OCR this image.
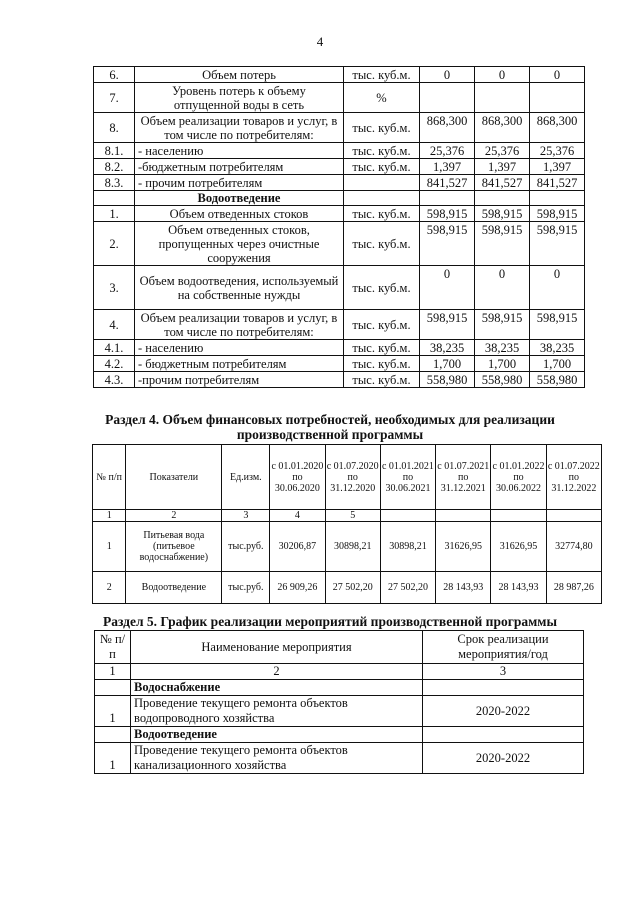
4
6.	Объем потерь	тыс. куб.м.	0	0	0
7.	Уровень потерь к объему отпущенной воды в сеть	%			
8.	Объем реализации товаров и услуг, в том числе по потребителям:	тыс. куб.м.	868,300	868,300	868,300
8.1.	- населению	тыс. куб.м.	25,376	25,376	25,376
8.2.	-бюджетным потребителям	тыс. куб.м.	1,397	1,397	1,397
8.3.	- прочим потребителям		841,527	841,527	841,527
	Водоотведение				
1.	Объем отведенных стоков	тыс. куб.м.	598,915	598,915	598,915
2.	Объем отведенных стоков, пропущенных через очистные сооружения	тыс. куб.м.	598,915	598,915	598,915
3.	Объем водоотведения, используемый на собственные нужды	тыс. куб.м.	0	0	0
4.	Объем реализации товаров и услуг, в том числе по потребителям:	тыс. куб.м.	598,915	598,915	598,915
4.1.	- населению	тыс. куб.м.	38,235	38,235	38,235
4.2.	- бюджетным потребителям	тыс. куб.м.	1,700	1,700	1,700
4.3.	-прочим потребителям	тыс. куб.м.	558,980	558,980	558,980
Раздел 4. Объем финансовых потребностей, необходимых для реализации
производственной программы
№ п/п	Показатели	Ед.изм.	с 01.01.2020 по 30.06.2020	с 01.07.2020 по 31.12.2020	с 01.01.2021 по 30.06.2021	с 01.07.2021 по 31.12.2021	с 01.01.2022 по 30.06.2022	с 01.07.2022 по 31.12.2022
1	2	3	4	5				
1	Питьевая вода (питьевое водоснабжение)	тыс.руб.	30206,87	30898,21	30898,21	31626,95	31626,95	32774,80
2	Водоотведение	тыс.руб.	26 909,26	27 502,20	27 502,20	28 143,93	28 143,93	28 987,26
Раздел 5. График реализации мероприятий производственной программы
№ п/п	Наименование мероприятия	Срок реализации мероприятия/год
1	2	3
	Водоснабжение	
1	Проведение текущего ремонта объектов водопроводного хозяйства	2020-2022
	Водоотведение	
1	Проведение текущего ремонта объектов канализационного хозяйства	2020-2022
